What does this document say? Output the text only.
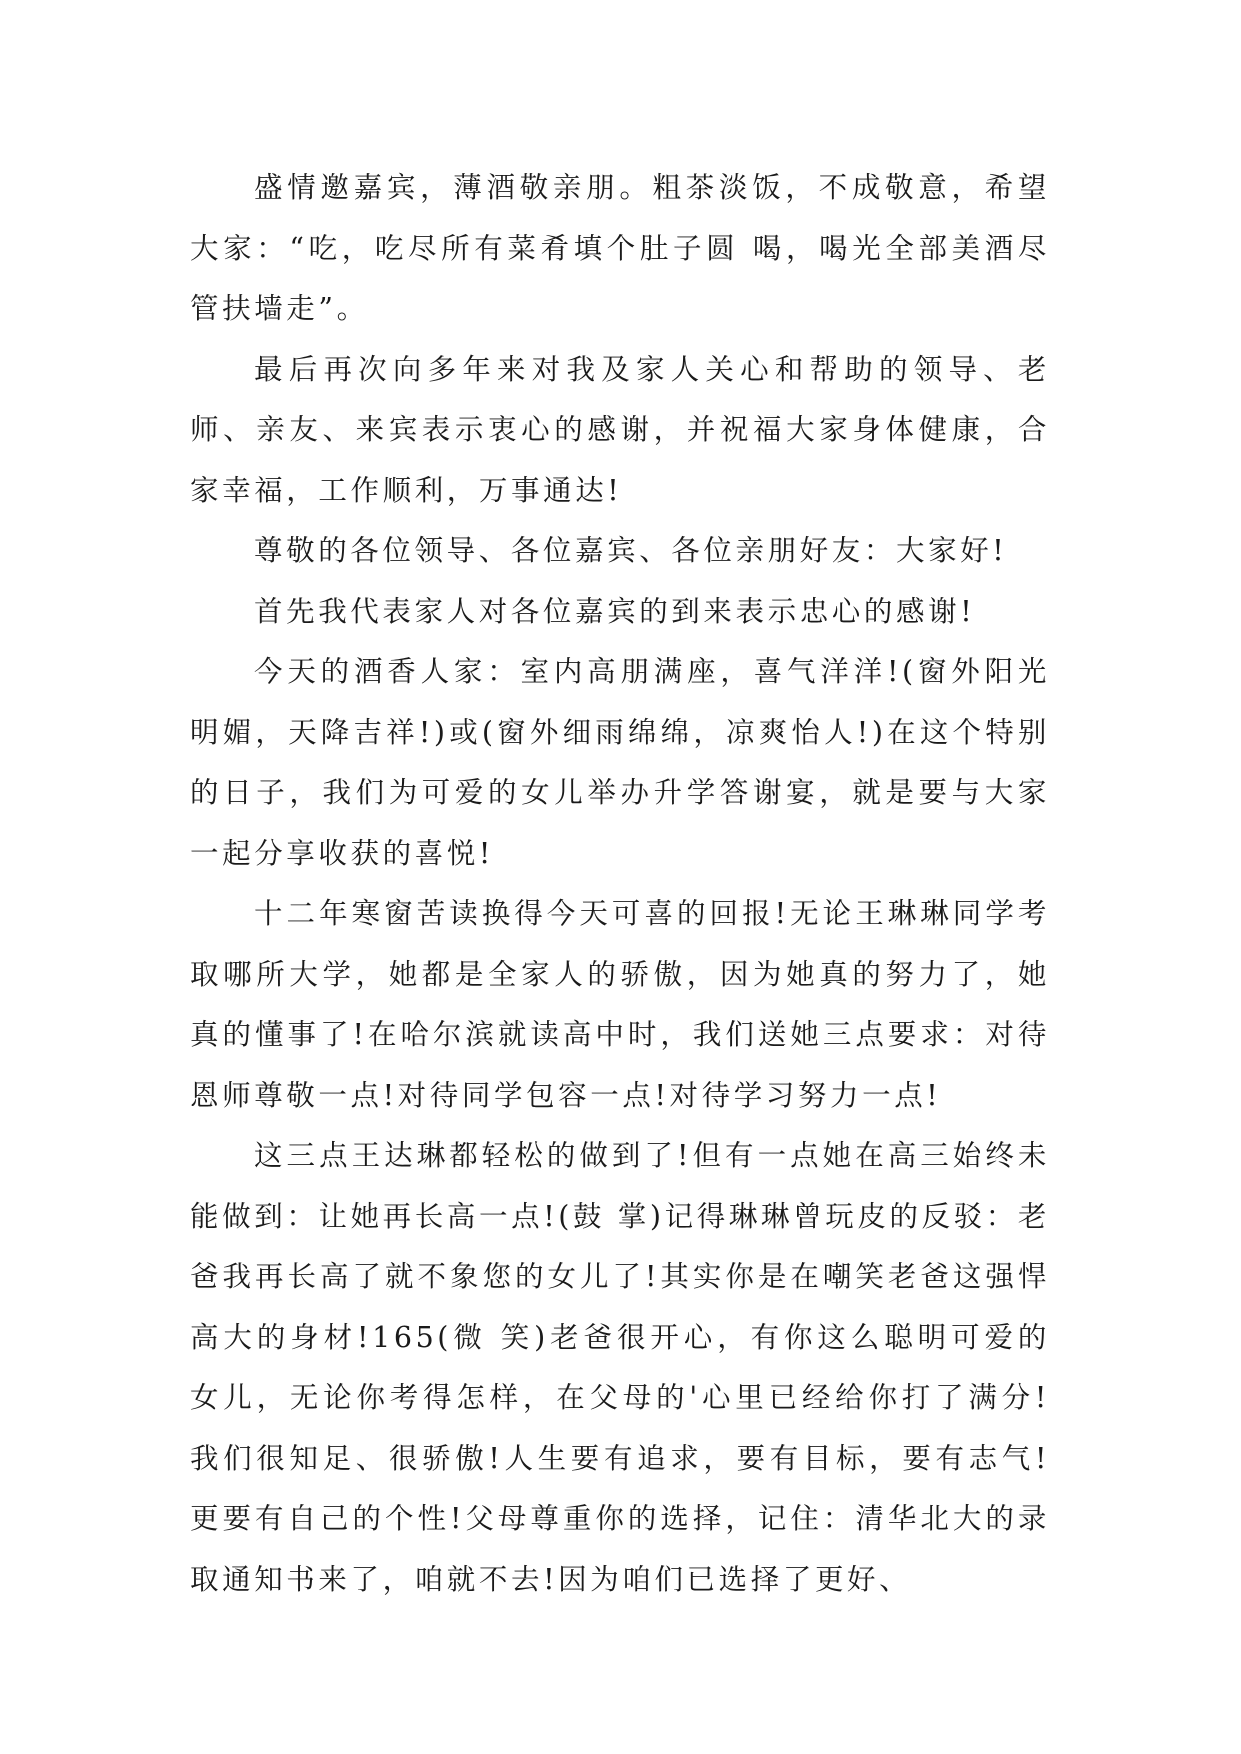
盛情邀嘉宾，薄酒敬亲朋。粗茶淡饭，不成敬意，希望大家：“吃，吃尽所有菜肴填个肚子圆 喝，喝光全部美酒尽管扶墙走”。

最后再次向多年来对我及家人关心和帮助的领导、老师、亲友、来宾表示衷心的感谢，并祝福大家身体健康，合家幸福，工作顺利，万事通达!

尊敬的各位领导、各位嘉宾、各位亲朋好友：大家好!

首先我代表家人对各位嘉宾的到来表示忠心的感谢!

今天的酒香人家：室内高朋满座，喜气洋洋!(窗外阳光明媚，天降吉祥!)或(窗外细雨绵绵，凉爽怡人!)在这个特别的日子，我们为可爱的女儿举办升学答谢宴，就是要与大家一起分享收获的喜悦!

十二年寒窗苦读换得今天可喜的回报!无论王琳琳同学考取哪所大学，她都是全家人的骄傲，因为她真的努力了，她真的懂事了!在哈尔滨就读高中时，我们送她三点要求：对待恩师尊敬一点!对待同学包容一点!对待学习努力一点!

这三点王达琳都轻松的做到了!但有一点她在高三始终未能做到：让她再长高一点!(鼓 掌)记得琳琳曾玩皮的反驳：老爸我再长高了就不象您的女儿了!其实你是在嘲笑老爸这强悍高大的身材!165(微 笑)老爸很开心，有你这么聪明可爱的女儿，无论你考得怎样，在父母的'心里已经给你打了满分!我们很知足、很骄傲!人生要有追求，要有目标，要有志气!更要有自己的个性!父母尊重你的选择，记住：清华北大的录取通知书来了，咱就不去!因为咱们已选择了更好、
